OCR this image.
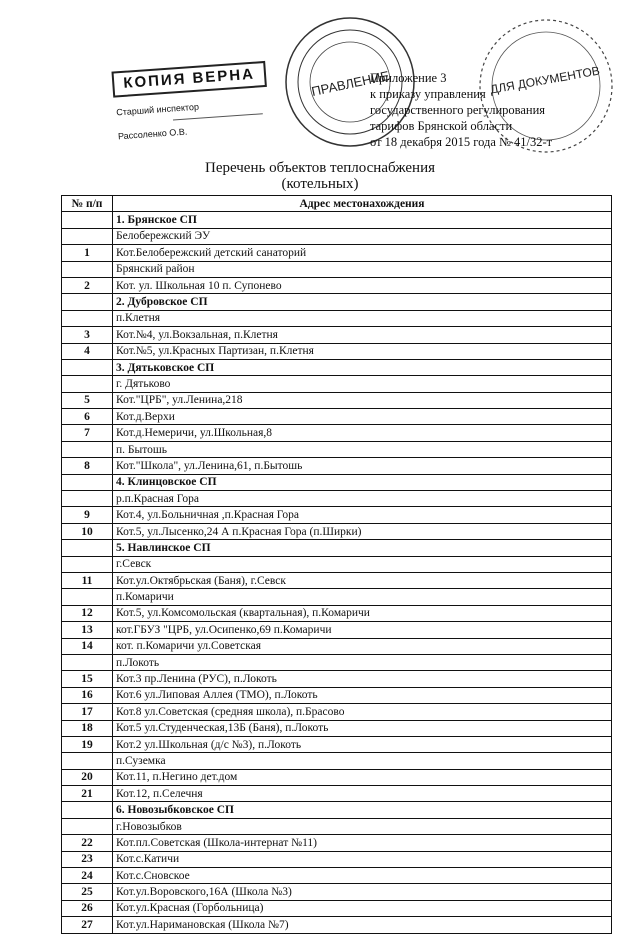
КОПИЯ ВЕРНА
Старший инспектор
Рассоленко О.В.
ПРАВЛЕНИЕ	ДЛЯ ДОКУМЕНТОВ
Приложение 3
к приказу управления
государственного регулирования
тарифов Брянской области
от 18 декабря 2015 года № 41/32-т
Перечень объектов теплоснабжения
(котельных)
№ п/п	Адрес местонахождения
	1. Брянское СП
	Белобережский ЭУ
1	Кот.Белобережский детский санаторий
	Брянский район
2	Кот. ул. Школьная 10 п. Супонево
	2. Дубровское СП
	п.Клетня
3	Кот.№4, ул.Вокзальная, п.Клетня
4	Кот.№5, ул.Красных Партизан, п.Клетня
	3. Дятьковское СП
	г. Дятьково
5	Кот."ЦРБ", ул.Ленина,218
6	Кот.д.Верхи
7	Кот.д.Немеричи, ул.Школьная,8
	п. Бытошь
8	Кот."Школа", ул.Ленина,61, п.Бытошь
	4. Клинцовское СП
	р.п.Красная Гора
9	Кот.4, ул.Больничная ,п.Красная Гора
10	Кот.5, ул.Лысенко,24 А п.Красная Гора (п.Ширки)
	5. Навлинское СП
	г.Севск
11	Кот.ул.Октябрьская (Баня), г.Севск
	п.Комаричи
12	Кот.5, ул.Комсомольская (квартальная), п.Комаричи
13	кот.ГБУЗ "ЦРБ, ул.Осипенко,69 п.Комаричи
14	кот. п.Комаричи ул.Советская
	п.Локоть
15	Кот.3 пр.Ленина (РУС), п.Локоть
16	Кот.6 ул.Липовая Аллея (ТМО), п.Локоть
17	Кот.8 ул.Советская (средняя школа), п.Брасово
18	Кот.5 ул.Студенческая,13Б (Баня), п.Локоть
19	Кот.2 ул.Школьная (д/с №3), п.Локоть
	п.Суземка
20	Кот.11, п.Негино дет.дом
21	Кот.12, п.Селечня
	6. Новозыбковское СП
	г.Новозыбков
22	Кот.пл.Советская (Школа-интернат №11)
23	Кот.с.Катичи
24	Кот.с.Сновское
25	Кот.ул.Воровского,16А (Школа №3)
26	Кот.ул.Красная (Горбольница)
27	Кот.ул.Наримановская (Школа №7)
